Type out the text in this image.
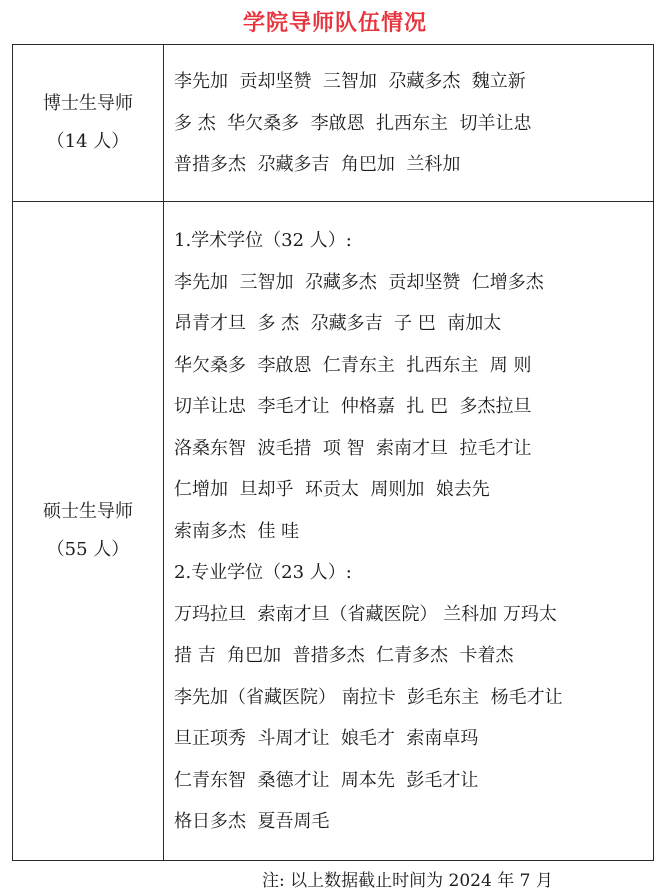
学院导师队伍情况
博士生导师
（14 人）
李先加  贡却坚赞  三智加  尕藏多杰  魏立新
多 杰  华欠桑多  李啟恩  扎西东主  切羊让忠
普措多杰  尕藏多吉  角巴加  兰科加
硕士生导师
（55 人）
1.学术学位（32 人）:
李先加  三智加  尕藏多杰  贡却坚赞  仁增多杰
昂青才旦  多 杰  尕藏多吉  子 巴  南加太
华欠桑多  李啟恩  仁青东主  扎西东主  周 则
切羊让忠  李毛才让  仲格嘉  扎 巴  多杰拉旦
洛桑东智  波毛措  项 智  索南才旦  拉毛才让
仁增加  旦却乎  环贡太  周则加  娘去先
索南多杰  佳 哇
2.专业学位（23 人）:
万玛拉旦  索南才旦（省藏医院） 兰科加 万玛太
措 吉  角巴加  普措多杰  仁青多杰  卡着杰
李先加（省藏医院） 南拉卡  彭毛东主  杨毛才让
旦正项秀  斗周才让  娘毛才  索南卓玛
仁青东智  桑德才让  周本先  彭毛才让
格日多杰  夏吾周毛
注: 以上数据截止时间为 2024 年 7 月
